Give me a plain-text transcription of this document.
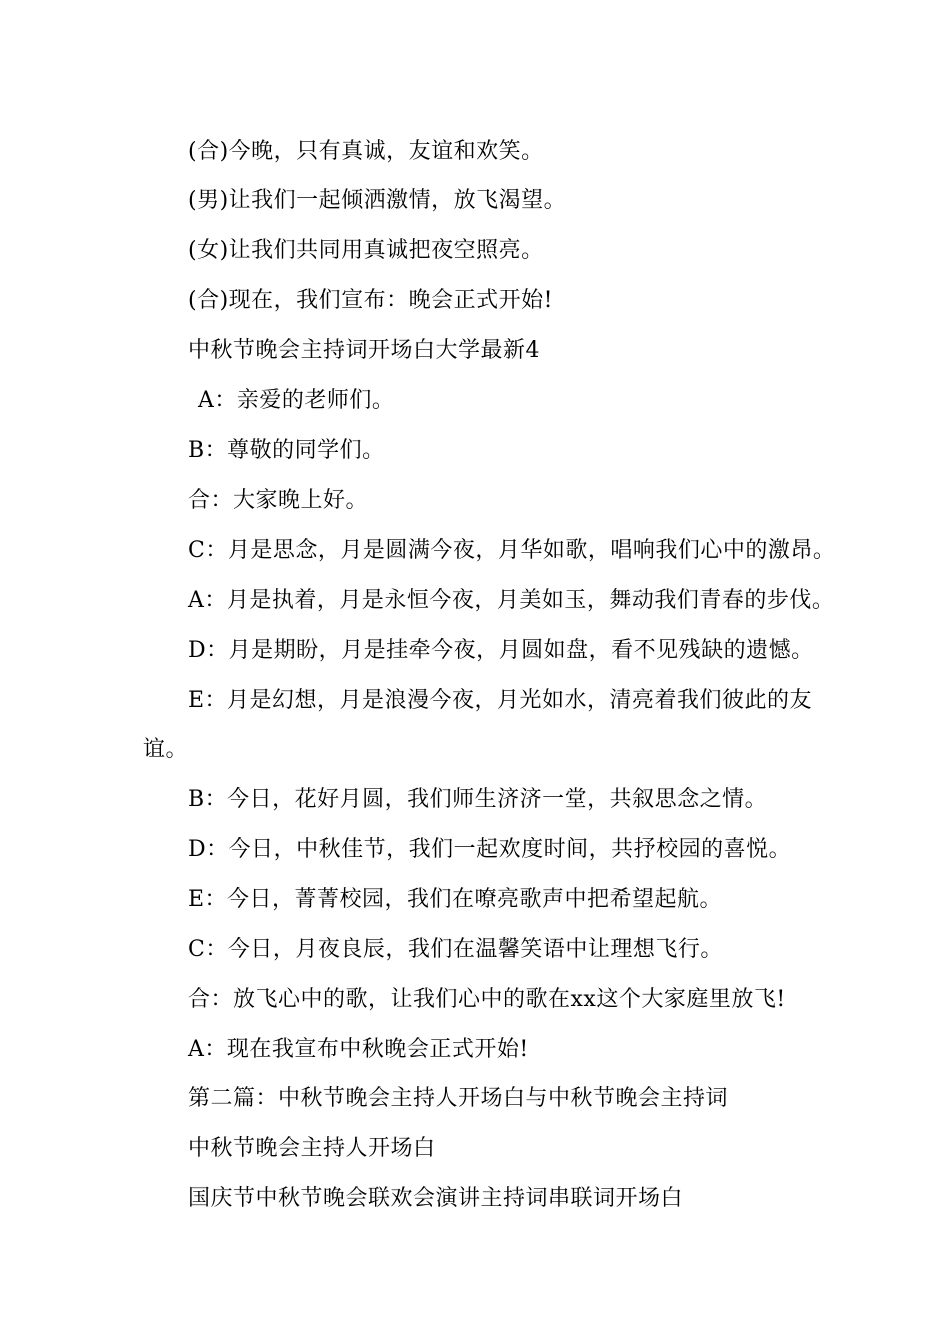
(合)今晚，只有真诚，友谊和欢笑。
(男)让我们一起倾洒激情，放飞渴望。
(女)让我们共同用真诚把夜空照亮。
(合)现在，我们宣布：晚会正式开始!
中秋节晚会主持词开场白大学最新4
A：亲爱的老师们。
B：尊敬的同学们。
合：大家晚上好。
C：月是思念，月是圆满今夜，月华如歌，唱响我们心中的激昂。
A：月是执着，月是永恒今夜，月美如玉，舞动我们青春的步伐。
D：月是期盼，月是挂牵今夜，月圆如盘，看不见残缺的遗憾。
E：月是幻想，月是浪漫今夜，月光如水，清亮着我们彼此的友
谊。
B：今日，花好月圆，我们师生济济一堂，共叙思念之情。
D：今日，中秋佳节，我们一起欢度时间，共抒校园的喜悦。
E：今日，菁菁校园，我们在嘹亮歌声中把希望起航。
C：今日，月夜良辰，我们在温馨笑语中让理想飞行。
合：放飞心中的歌，让我们心中的歌在xx这个大家庭里放飞!
A：现在我宣布中秋晚会正式开始!
第二篇：中秋节晚会主持人开场白与中秋节晚会主持词
中秋节晚会主持人开场白
国庆节中秋节晚会联欢会演讲主持词串联词开场白
